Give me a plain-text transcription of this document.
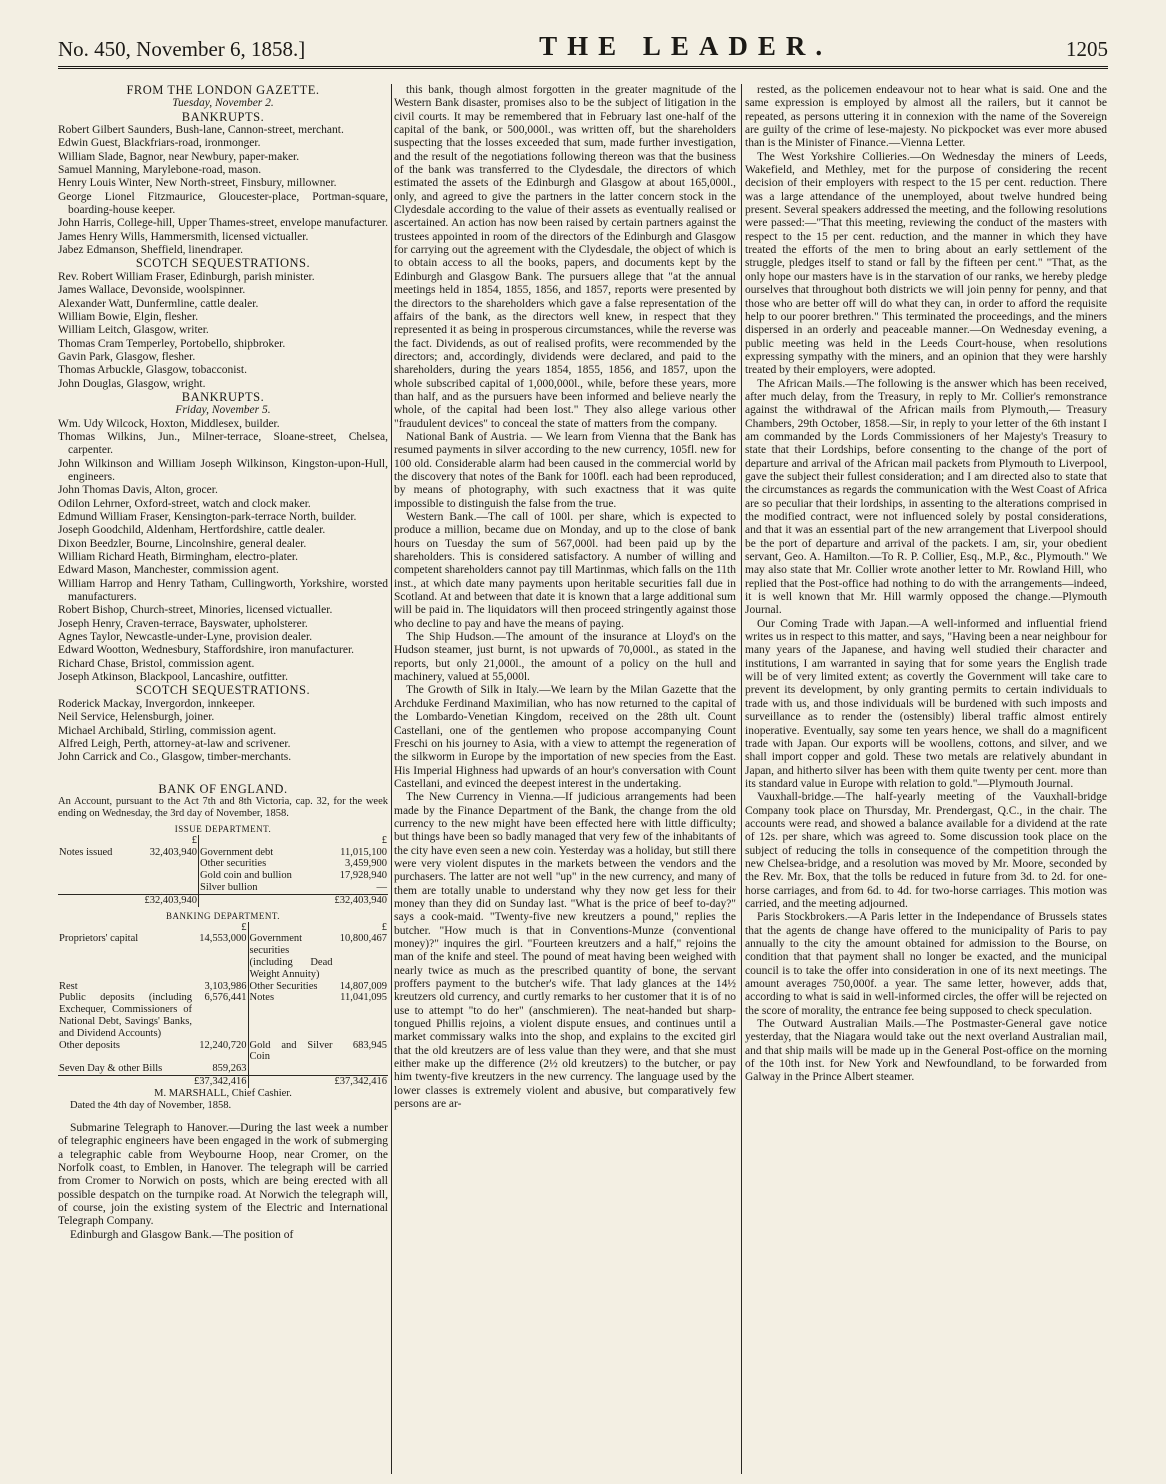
No. 450, November 6, 1858.]	THE LEADER.	1205
FROM THE LONDON GAZETTE.
Tuesday, November 2.
BANKRUPTS.
Robert Gilbert Saunders, Bush-lane, Cannon-street, merchant.
Edwin Guest, Blackfriars-road, ironmonger.
William Slade, Bagnor, near Newbury, paper-maker.
Samuel Manning, Marylebone-road, mason.
Henry Louis Winter, New North-street, Finsbury, millowner.
George Lionel Fitzmaurice, Gloucester-place, Portman-square, boarding-house keeper.
John Harris, College-hill, Upper Thames-street, envelope manufacturer.
James Henry Wills, Hammersmith, licensed victualler.
Jabez Edmanson, Sheffield, linendraper.
SCOTCH SEQUESTRATIONS.
Rev. Robert William Fraser, Edinburgh, parish minister.
James Wallace, Devonside, woolspinner.
Alexander Watt, Dunfermline, cattle dealer.
William Bowie, Elgin, flesher.
William Leitch, Glasgow, writer.
Thomas Cram Temperley, Portobello, shipbroker.
Gavin Park, Glasgow, flesher.
Thomas Arbuckle, Glasgow, tobacconist.
John Douglas, Glasgow, wright.
BANKRUPTS.
Friday, November 5.
Wm. Udy Wilcock, Hoxton, Middlesex, builder.
Thomas Wilkins, Jun., Milner-terrace, Sloane-street, Chelsea, carpenter.
John Wilkinson and William Joseph Wilkinson, Kingston-upon-Hull, engineers.
John Thomas Davis, Alton, grocer.
Odilon Lehrner, Oxford-street, watch and clock maker.
Edmund William Fraser, Kensington-park-terrace North, builder.
Joseph Goodchild, Aldenham, Hertfordshire, cattle dealer.
Dixon Beedzler, Bourne, Lincolnshire, general dealer.
William Richard Heath, Birmingham, electro-plater.
Edward Mason, Manchester, commission agent.
William Harrop and Henry Tatham, Cullingworth, Yorkshire, worsted manufacturers.
Robert Bishop, Church-street, Minories, licensed victualler.
Joseph Henry, Craven-terrace, Bayswater, upholsterer.
Agnes Taylor, Newcastle-under-Lyne, provision dealer.
Edward Wootton, Wednesbury, Staffordshire, iron manufacturer.
Richard Chase, Bristol, commission agent.
Joseph Atkinson, Blackpool, Lancashire, outfitter.
SCOTCH SEQUESTRATIONS.
Roderick Mackay, Invergordon, innkeeper.
Neil Service, Helensburgh, joiner.
Michael Archibald, Stirling, commission agent.
Alfred Leigh, Perth, attorney-at-law and scrivener.
John Carrick and Co., Glasgow, timber-merchants.
BANK OF ENGLAND.
An Account, pursuant to the Act 7th and 8th Victoria, cap. 32, for the week ending on Wednesday, the 3rd day of November, 1858.
ISSUE DEPARTMENT.
	£		£
Notes issued	32,403,940	Government debt	11,015,100
		Other securities	3,459,900
		Gold coin and bullion	17,928,940
		Silver bullion	—
	£32,403,940		£32,403,940
BANKING DEPARTMENT.
	£		£
Proprietors' capital	14,553,000	Government securities (including Dead Weight Annuity)	10,800,467
Rest	3,103,986	Other Securities	14,807,009
Public deposits (including Exchequer, Commissioners of National Debt, Savings' Banks, and Dividend Accounts)	6,576,441	Notes	11,041,095
Other deposits	12,240,720	Gold and Silver Coin	683,945
Seven Day & other Bills	859,263		
	£37,342,416		£37,342,416
M. MARSHALL, Chief Cashier.
Dated the 4th day of November, 1858.

Submarine Telegraph to Hanover.—During the last week a number of telegraphic engineers have been engaged in the work of submerging a telegraphic cable from Weybourne Hoop, near Cromer, on the Norfolk coast, to Emblen, in Hanover. The telegraph will be carried from Cromer to Norwich on posts, which are being erected with all possible despatch on the turnpike road. At Norwich the telegraph will, of course, join the existing system of the Electric and International Telegraph Company.

Edinburgh and Glasgow Bank.—The position of

this bank, though almost forgotten in the greater magnitude of the Western Bank disaster, promises also to be the subject of litigation in the civil courts. It may be remembered that in February last one-half of the capital of the bank, or 500,000l., was written off, but the shareholders suspecting that the losses exceeded that sum, made further investigation, and the result of the negotiations following thereon was that the business of the bank was transferred to the Clydesdale, the directors of which estimated the assets of the Edinburgh and Glasgow at about 165,000l., only, and agreed to give the partners in the latter concern stock in the Clydesdale according to the value of their assets as eventually realised or ascertained. An action has now been raised by certain partners against the trustees appointed in room of the directors of the Edinburgh and Glasgow for carrying out the agreement with the Clydesdale, the object of which is to obtain access to all the books, papers, and documents kept by the Edinburgh and Glasgow Bank. The pursuers allege that "at the annual meetings held in 1854, 1855, 1856, and 1857, reports were presented by the directors to the shareholders which gave a false representation of the affairs of the bank, as the directors well knew, in respect that they represented it as being in prosperous circumstances, while the reverse was the fact. Dividends, as out of realised profits, were recommended by the directors; and, accordingly, dividends were declared, and paid to the shareholders, during the years 1854, 1855, 1856, and 1857, upon the whole subscribed capital of 1,000,000l., while, before these years, more than half, and as the pursuers have been informed and believe nearly the whole, of the capital had been lost." They also allege various other "fraudulent devices" to conceal the state of matters from the company.

National Bank of Austria. — We learn from Vienna that the Bank has resumed payments in silver according to the new currency, 105fl. new for 100 old. Considerable alarm had been caused in the commercial world by the discovery that notes of the Bank for 100fl. each had been reproduced, by means of photography, with such exactness that it was quite impossible to distinguish the false from the true.

Western Bank.—The call of 100l. per share, which is expected to produce a million, became due on Monday, and up to the close of bank hours on Tuesday the sum of 567,000l. had been paid up by the shareholders. This is considered satisfactory. A number of willing and competent shareholders cannot pay till Martinmas, which falls on the 11th inst., at which date many payments upon heritable securities fall due in Scotland. At and between that date it is known that a large additional sum will be paid in. The liquidators will then proceed stringently against those who decline to pay and have the means of paying.

The Ship Hudson.—The amount of the insurance at Lloyd's on the Hudson steamer, just burnt, is not upwards of 70,000l., as stated in the reports, but only 21,000l., the amount of a policy on the hull and machinery, valued at 55,000l.

The Growth of Silk in Italy.—We learn by the Milan Gazette that the Archduke Ferdinand Maximilian, who has now returned to the capital of the Lombardo-Venetian Kingdom, received on the 28th ult. Count Castellani, one of the gentlemen who propose accompanying Count Freschi on his journey to Asia, with a view to attempt the regeneration of the silkworm in Europe by the importation of new species from the East. His Imperial Highness had upwards of an hour's conversation with Count Castellani, and evinced the deepest interest in the undertaking.

The New Currency in Vienna.—If judicious arrangements had been made by the Finance Department of the Bank, the change from the old currency to the new might have been effected here with little difficulty; but things have been so badly managed that very few of the inhabitants of the city have even seen a new coin. Yesterday was a holiday, but still there were very violent disputes in the markets between the vendors and the purchasers. The latter are not well "up" in the new currency, and many of them are totally unable to understand why they now get less for their money than they did on Sunday last. "What is the price of beef to-day?" says a cook-maid. "Twenty-five new kreutzers a pound," replies the butcher. "How much is that in Conventions-Munze (conventional money)?" inquires the girl. "Fourteen kreutzers and a half," rejoins the man of the knife and steel. The pound of meat having been weighed with nearly twice as much as the prescribed quantity of bone, the servant proffers payment to the butcher's wife. That lady glances at the 14½ kreutzers old currency, and curtly remarks to her customer that it is of no use to attempt "to do her" (anschmieren). The neat-handed but sharp-tongued Phillis rejoins, a violent dispute ensues, and continues until a market commissary walks into the shop, and explains to the excited girl that the old kreutzers are of less value than they were, and that she must either make up the difference (2½ old kreutzers) to the butcher, or pay him twenty-five kreutzers in the new currency. The language used by the lower classes is extremely violent and abusive, but comparatively few persons are ar-

rested, as the policemen endeavour not to hear what is said. One and the same expression is employed by almost all the railers, but it cannot be repeated, as persons uttering it in connexion with the name of the Sovereign are guilty of the crime of lese-majesty. No pickpocket was ever more abused than is the Minister of Finance.—Vienna Letter.

The West Yorkshire Collieries.—On Wednesday the miners of Leeds, Wakefield, and Methley, met for the purpose of considering the recent decision of their employers with respect to the 15 per cent. reduction. There was a large attendance of the unemployed, about twelve hundred being present. Several speakers addressed the meeting, and the following resolutions were passed:—"That this meeting, reviewing the conduct of the masters with respect to the 15 per cent. reduction, and the manner in which they have treated the efforts of the men to bring about an early settlement of the struggle, pledges itself to stand or fall by the fifteen per cent." "That, as the only hope our masters have is in the starvation of our ranks, we hereby pledge ourselves that throughout both districts we will join penny for penny, and that those who are better off will do what they can, in order to afford the requisite help to our poorer brethren." This terminated the proceedings, and the miners dispersed in an orderly and peaceable manner.—On Wednesday evening, a public meeting was held in the Leeds Court-house, when resolutions expressing sympathy with the miners, and an opinion that they were harshly treated by their employers, were adopted.

The African Mails.—The following is the answer which has been received, after much delay, from the Treasury, in reply to Mr. Collier's remonstrance against the withdrawal of the African mails from Plymouth,— Treasury Chambers, 29th October, 1858.—Sir, in reply to your letter of the 6th instant I am commanded by the Lords Commissioners of her Majesty's Treasury to state that their Lordships, before consenting to the change of the port of departure and arrival of the African mail packets from Plymouth to Liverpool, gave the subject their fullest consideration; and I am directed also to state that the circumstances as regards the communication with the West Coast of Africa are so peculiar that their lordships, in assenting to the alterations comprised in the modified contract, were not influenced solely by postal considerations, and that it was an essential part of the new arrangement that Liverpool should be the port of departure and arrival of the packets. I am, sir, your obedient servant, Geo. A. Hamilton.—To R. P. Collier, Esq., M.P., &c., Plymouth." We may also state that Mr. Collier wrote another letter to Mr. Rowland Hill, who replied that the Post-office had nothing to do with the arrangements—indeed, it is well known that Mr. Hill warmly opposed the change.—Plymouth Journal.

Our Coming Trade with Japan.—A well-informed and influential friend writes us in respect to this matter, and says, "Having been a near neighbour for many years of the Japanese, and having well studied their character and institutions, I am warranted in saying that for some years the English trade will be of very limited extent; as covertly the Government will take care to prevent its development, by only granting permits to certain individuals to trade with us, and those individuals will be burdened with such imposts and surveillance as to render the (ostensibly) liberal traffic almost entirely inoperative. Eventually, say some ten years hence, we shall do a magnificent trade with Japan. Our exports will be woollens, cottons, and silver, and we shall import copper and gold. These two metals are relatively abundant in Japan, and hitherto silver has been with them quite twenty per cent. more than its standard value in Europe with relation to gold."—Plymouth Journal.

Vauxhall-bridge.—The half-yearly meeting of the Vauxhall-bridge Company took place on Thursday, Mr. Prendergast, Q.C., in the chair. The accounts were read, and showed a balance available for a dividend at the rate of 12s. per share, which was agreed to. Some discussion took place on the subject of reducing the tolls in consequence of the competition through the new Chelsea-bridge, and a resolution was moved by Mr. Moore, seconded by the Rev. Mr. Box, that the tolls be reduced in future from 3d. to 2d. for one-horse carriages, and from 6d. to 4d. for two-horse carriages. This motion was carried, and the meeting adjourned.

Paris Stockbrokers.—A Paris letter in the Independance of Brussels states that the agents de change have offered to the municipality of Paris to pay annually to the city the amount obtained for admission to the Bourse, on condition that that payment shall no longer be exacted, and the municipal council is to take the offer into consideration in one of its next meetings. The amount averages 750,000f. a year. The same letter, however, adds that, according to what is said in well-informed circles, the offer will be rejected on the score of morality, the entrance fee being supposed to check speculation.

The Outward Australian Mails.—The Postmaster-General gave notice yesterday, that the Niagara would take out the next overland Australian mail, and that ship mails will be made up in the General Post-office on the morning of the 10th inst. for New York and Newfoundland, to be forwarded from Galway in the Prince Albert steamer.
